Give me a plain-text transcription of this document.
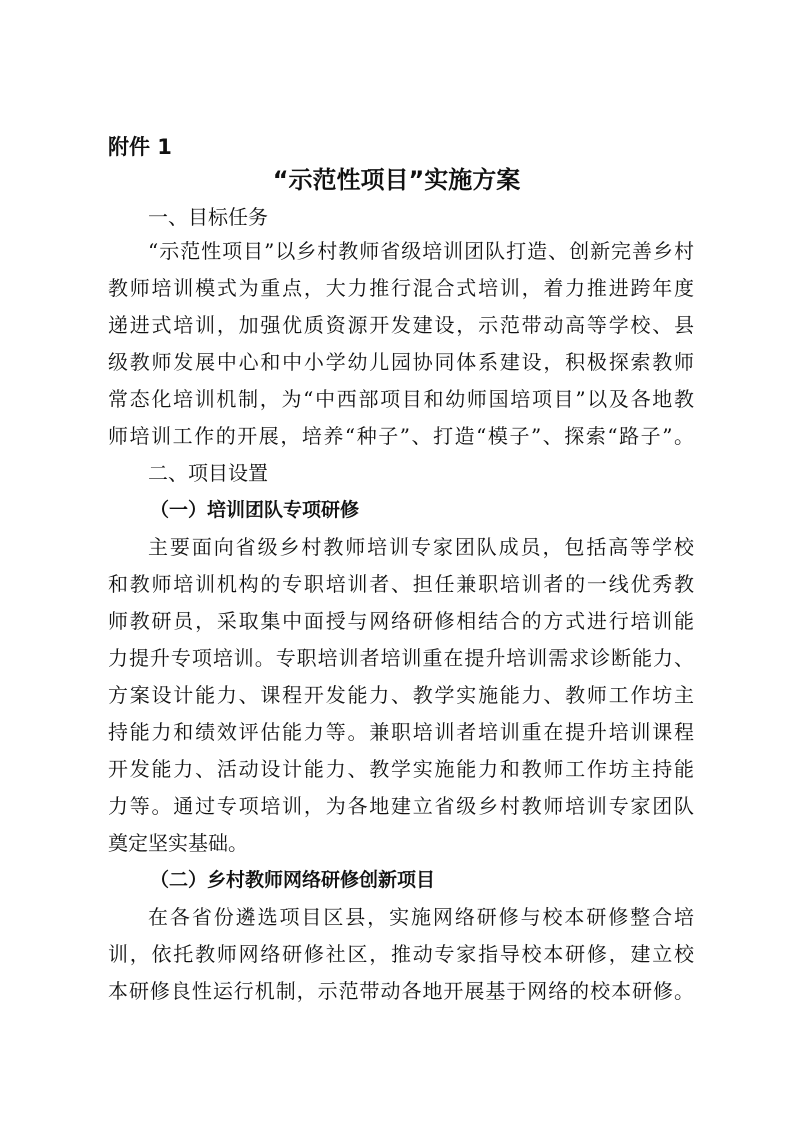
附件 1
“示范性项目”实施方案
一、目标任务
“示范性项目”以乡村教师省级培训团队打造、创新完善乡村
教师培训模式为重点，大力推行混合式培训，着力推进跨年度
递进式培训，加强优质资源开发建设，示范带动高等学校、县
级教师发展中心和中小学幼儿园协同体系建设，积极探索教师
常态化培训机制，为“中西部项目和幼师国培项目”以及各地教
师培训工作的开展，培养“种子”、打造“模子”、探索“路子”。
二、项目设置
（一）培训团队专项研修
主要面向省级乡村教师培训专家团队成员，包括高等学校
和教师培训机构的专职培训者、担任兼职培训者的一线优秀教
师教研员，采取集中面授与网络研修相结合的方式进行培训能
力提升专项培训。专职培训者培训重在提升培训需求诊断能力、
方案设计能力、课程开发能力、教学实施能力、教师工作坊主
持能力和绩效评估能力等。兼职培训者培训重在提升培训课程
开发能力、活动设计能力、教学实施能力和教师工作坊主持能
力等。通过专项培训，为各地建立省级乡村教师培训专家团队
奠定坚实基础。
（二）乡村教师网络研修创新项目
在各省份遴选项目区县，实施网络研修与校本研修整合培
训，依托教师网络研修社区，推动专家指导校本研修，建立校
本研修良性运行机制，示范带动各地开展基于网络的校本研修。
